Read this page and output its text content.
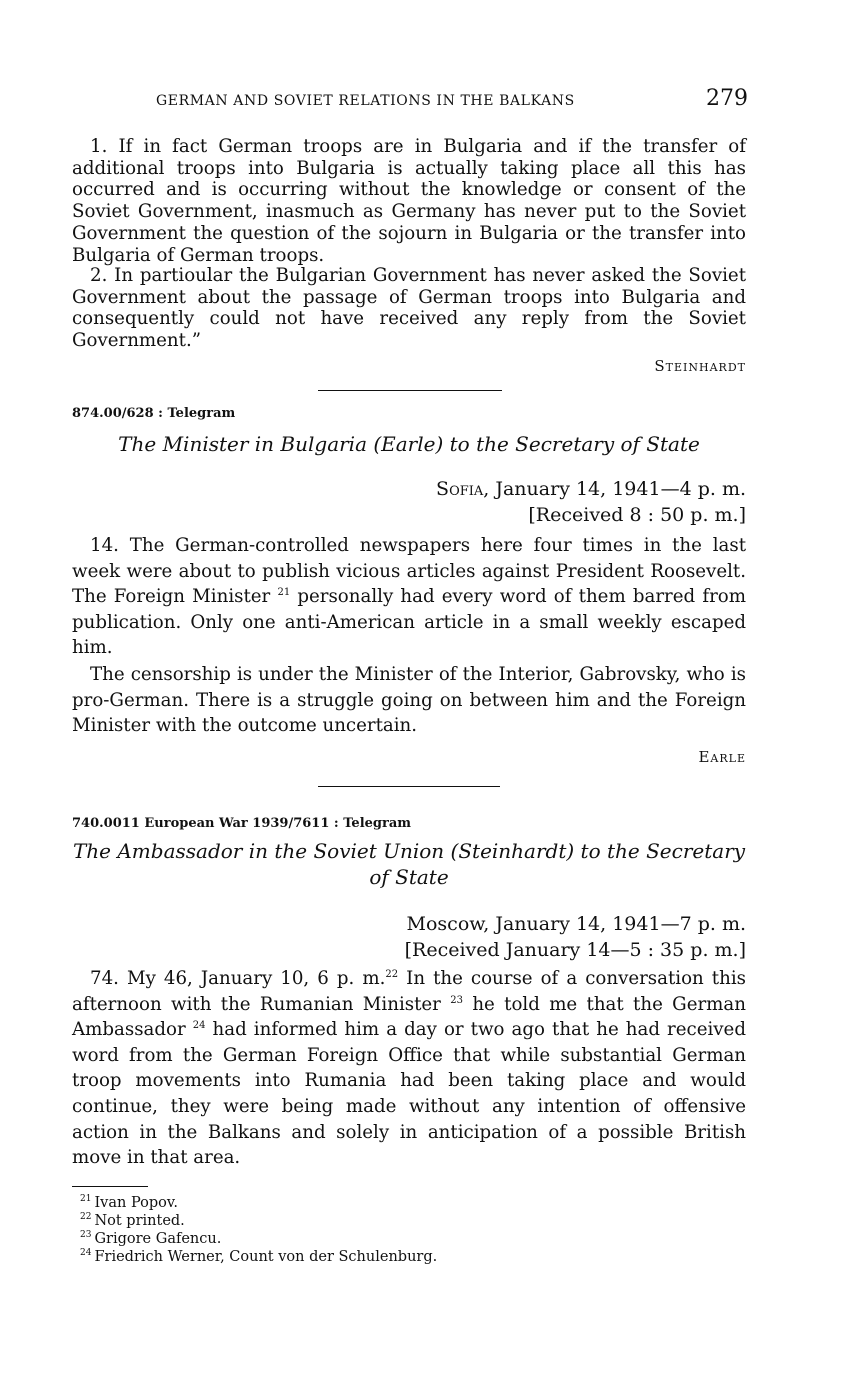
GERMAN AND SOVIET RELATIONS IN THE BALKANS	279

1. If in fact German troops are in Bulgaria and if the transfer of additional troops into Bulgaria is actually taking place all this has occurred and is occurring without the knowledge or consent of the Soviet Government, inasmuch as Germany has never put to the Soviet Government the question of the sojourn in Bulgaria or the transfer into Bulgaria of German troops.

2. In partioular the Bulgarian Government has never asked the Soviet Government about the passage of German troops into Bulgaria and consequently could not have received any reply from the Soviet Government.”

Steinhardt
874.00/628 : Telegram

The Minister in Bulgaria (Earle) to the Secretary of State

Sofia, January 14, 1941—4 p. m.
[Received 8 : 50 p. m.]

14. The German-controlled newspapers here four times in the last week were about to publish vicious articles against President Roosevelt. The Foreign Minister $^{21}$ personally had every word of them barred from publication. Only one anti-American article in a small weekly escaped him.

The censorship is under the Minister of the Interior, Gabrovsky, who is pro-German. There is a struggle going on between him and the Foreign Minister with the outcome uncertain.

Earle
740.0011 European War 1939/7611 : Telegram
The Ambassador in the Soviet Union (Steinhardt) to the Secretary
of State
Moscow, January 14, 1941—7 p. m.
[Received January 14—5 : 35 p. m.]

74. My 46, January 10, 6 p. m.$^{22}$ In the course of a conversation this afternoon with the Rumanian Minister $^{23}$ he told me that the German Ambassador $^{24}$ had informed him a day or two ago that he had received word from the German Foreign Office that while substantial German troop movements into Rumania had been taking place and would continue, they were being made without any intention of offensive action in the Balkans and solely in anticipation of a possible British move in that area.

$^{21}$ Ivan Popov.
$^{22}$ Not printed.
$^{23}$ Grigore Gafencu.
$^{24}$ Friedrich Werner, Count von der Schulenburg.
